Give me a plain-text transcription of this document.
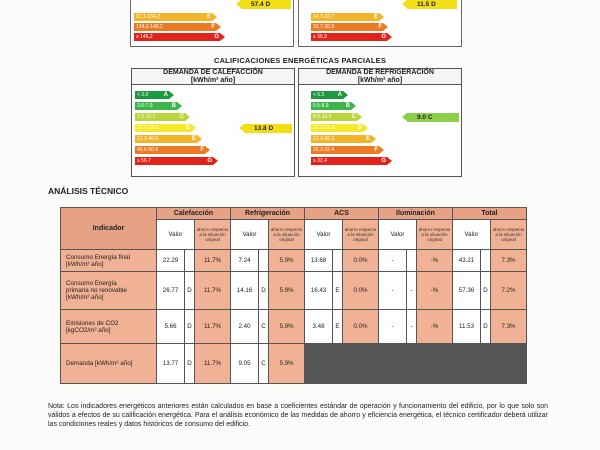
21,1-134,2	E
134,2-146,2	F
≥ 146,2	G
57.4 D
14,7-32,7	E
32,7-36,9	F
≥ 36,9	G
11.5 D
CALIFICACIONES ENERGÉTICAS PARCIALES
DEMANDA DE CALEFACCIÓN
[kWh/m² año]
< 3.0	A
3.0-7.9	B
7.9-12.7	C
12.7-18.1	D
21.3-46.6	E
46.6-56.6	F
≥ 56.7	G
13.8 D
DEMANDA DE REFRIGERACIÓN
[kWh/m² año]
< 5.5 A
5.5-8.9	B
8.9-13.5	C
13.5-21.3	D
21.3-26.3	E
26.3-32.4	F
≥ 32.4	G
9.0 C
ANÁLISIS TÉCNICO
Indicador	Calefacción			Refrigeración			ACS			Iluminación			Total		
	Valor		ahorro respecto a la situación original	Valor		ahorro respecto a la situación original	Valor		ahorro respecto a la situación original	Valor		ahorro respecto a la situación original	Valor		ahorro respecto a la situación original
Consumo Energía final
[kWh/m² año]	22.29		11.7%	7.24		5.9%	13.68		0.0%	-		-%	43.21		7.3%
Consumo Energía
primaria no renovable
[kWh/m² año]	26.77	D	11.7%	14.16	D	5.9%	16.43	E	0.0%	-	-	-%	57.36	D	7.2%
Emisiones de CO2
[kgCO2/m² año]	5.66	D	11.7%	2.40	C	5.9%	3.48	E	0.0%	-	-	-%	11.53	D	7.3%
Demanda [kWh/m² año]	13.77	D	11.7%	9.05	C	5.9%									
Nota: Los indicadores energéticos anteriores están calculados en base a coeficientes estándar de operación y funcionamiento del edificio, por lo que solo son válidos a efectos de su calificación energética. Para el análisis económico de las medidas de ahorro y eficiencia energética, el técnico certificador deberá utilizar las condiciones reales y datos históricos de consumo del edificio.
